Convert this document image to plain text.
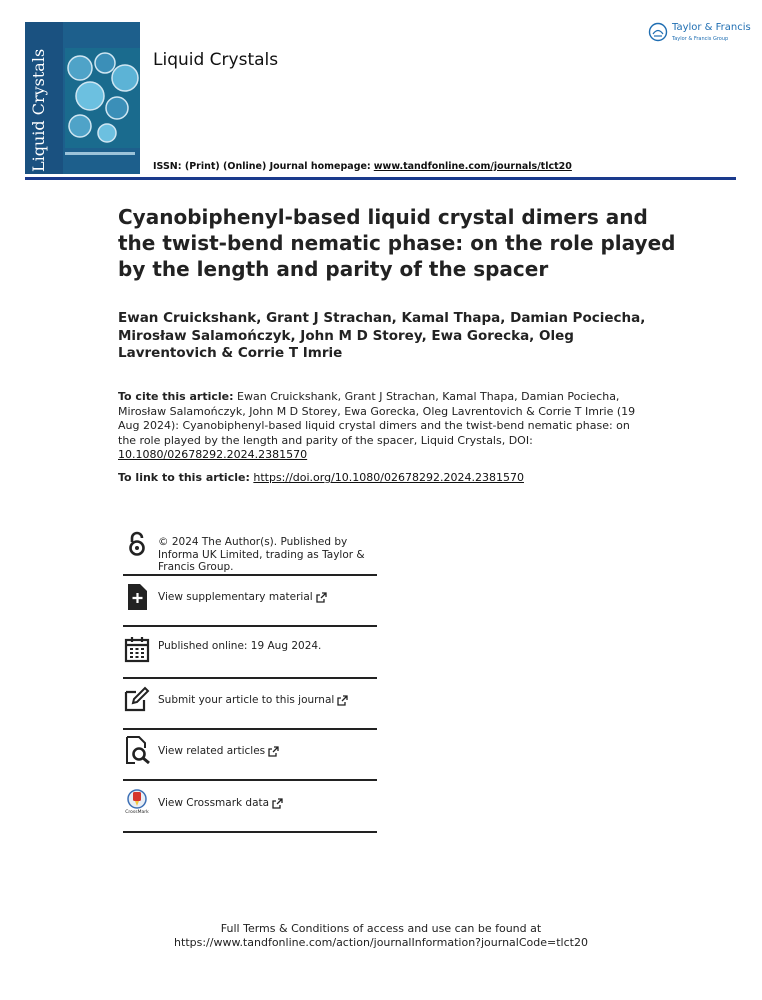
Liquid Crystals	Liquid Crystals
Taylor & Francis
Taylor & Francis Group
ISSN: (Print) (Online) Journal homepage: www.tandfonline.com/journals/tlct20
Cyanobiphenyl-based liquid crystal dimers and the twist-bend nematic phase: on the role played by the length and parity of the spacer
Ewan Cruickshank, Grant J Strachan, Kamal Thapa, Damian Pociecha, Mirosław Salamończyk, John M D Storey, Ewa Gorecka, Oleg Lavrentovich & Corrie T Imrie
To cite this article: Ewan Cruickshank, Grant J Strachan, Kamal Thapa, Damian Pociecha, Mirosław Salamończyk, John M D Storey, Ewa Gorecka, Oleg Lavrentovich & Corrie T Imrie (19 Aug 2024): Cyanobiphenyl-based liquid crystal dimers and the twist-bend nematic phase: on the role played by the length and parity of the spacer, Liquid Crystals, DOI: 10.1080/02678292.2024.2381570
To link to this article: https://doi.org/10.1080/02678292.2024.2381570
© 2024 The Author(s). Published by Informa UK Limited, trading as Taylor & Francis Group.
View supplementary material
Published online: 19 Aug 2024.
Submit your article to this journal
View related articles
CrossMark
View Crossmark data
Full Terms & Conditions of access and use can be found at
https://www.tandfonline.com/action/journalInformation?journalCode=tlct20
